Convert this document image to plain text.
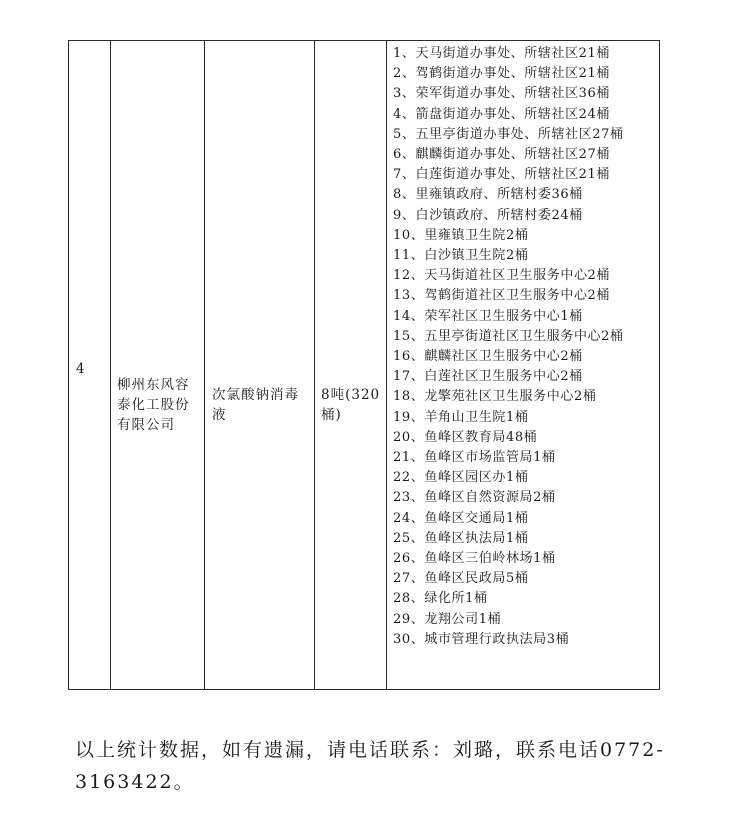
4
柳州东风容泰化工股份有限公司
次氯酸钠消毒液
8吨(320桶)
1、天马街道办事处、所辖社区21桶
2、驾鹤街道办事处、所辖社区21桶
3、荣军街道办事处、所辖社区36桶
4、箭盘街道办事处、所辖社区24桶
5、五里亭街道办事处、所辖社区27桶
6、麒麟街道办事处、所辖社区27桶
7、白莲街道办事处、所辖社区21桶
8、里雍镇政府、所辖村委36桶
9、白沙镇政府、所辖村委24桶
10、里雍镇卫生院2桶
11、白沙镇卫生院2桶
12、天马街道社区卫生服务中心2桶
13、驾鹤街道社区卫生服务中心2桶
14、荣军社区卫生服务中心1桶
15、五里亭街道社区卫生服务中心2桶
16、麒麟社区卫生服务中心2桶
17、白莲社区卫生服务中心2桶
18、龙擎苑社区卫生服务中心2桶
19、羊角山卫生院1桶
20、鱼峰区教育局48桶
21、鱼峰区市场监管局1桶
22、鱼峰区园区办1桶
23、鱼峰区自然资源局2桶
24、鱼峰区交通局1桶
25、鱼峰区执法局1桶
26、鱼峰区三伯岭林场1桶
27、鱼峰区民政局5桶
28、绿化所1桶
29、龙翔公司1桶
30、城市管理行政执法局3桶
以上统计数据，如有遗漏，请电话联系：刘璐，联系电话0772-3163422。
